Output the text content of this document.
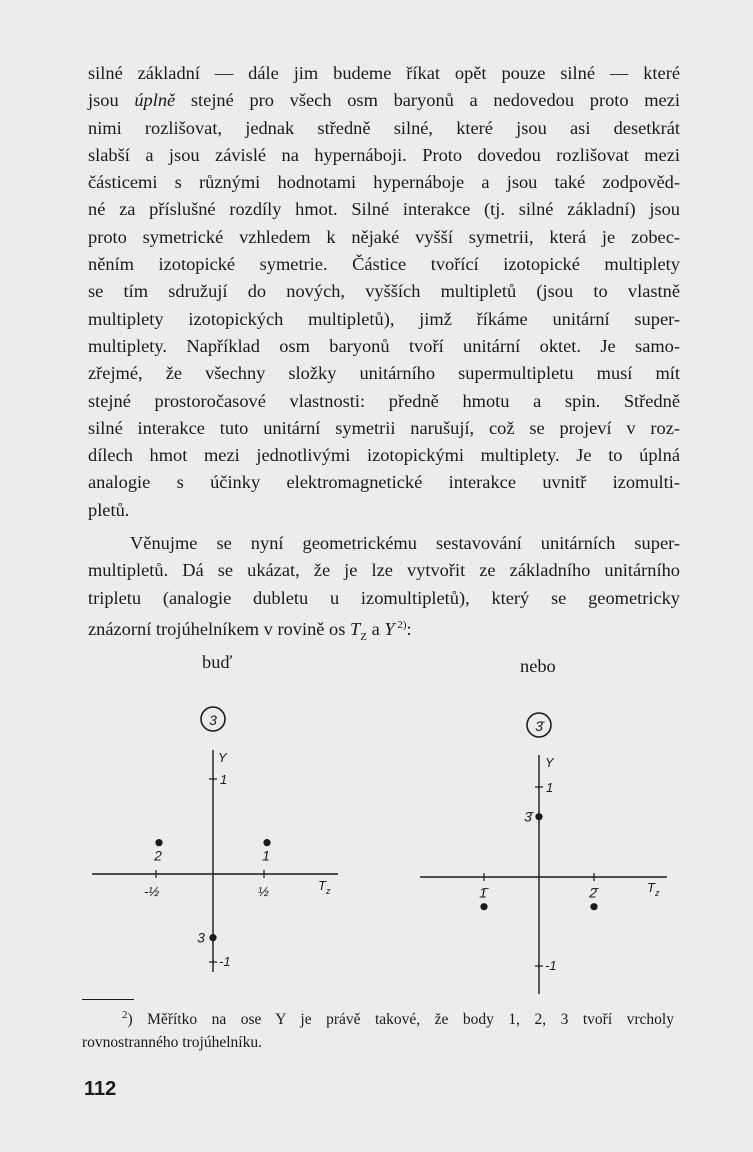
silné základní — dále jim budeme říkat opět pouze silné — které
jsou úplně stejné pro všech osm baryonů a nedovedou proto mezi
nimi rozlišovat, jednak středně silné, které jsou asi desetkrát
slabší a jsou závislé na hypernáboji. Proto dovedou rozlišovat mezi
částicemi s různými hodnotami hypernáboje a jsou také zodpověd-
né za příslušné rozdíly hmot. Silné interakce (tj. silné základní) jsou
proto symetrické vzhledem k nějaké vyšší symetrii, která je zobec-
něním izotopické symetrie. Částice tvořící izotopické multiplety
se tím sdružují do nových, vyšších multipletů (jsou to vlastně
multiplety izotopických multipletů), jimž říkáme unitární super-
multiplety. Například osm baryonů tvoří unitární oktet. Je samo-
zřejmé, že všechny složky unitárního supermultipletu musí mít
stejné prostoročasové vlastnosti: předně hmotu a spin. Středně
silné interakce tuto unitární symetrii narušují, což se projeví v roz-
dílech hmot mezi jednotlivými izotopickými multiplety. Je to úplná
analogie s účinky elektromagnetické interakce uvnitř izomulti-
pletů.
Věnujme se nyní geometrickému sestavování unitárních super-
multipletů. Dá se ukázat, že je lze vytvořit ze základního unitárního
tripletu (analogie dubletu u izomultipletů), který se geometricky
znázorní trojúhelníkem v rovině os $T_Z$ a Y $^{2)}$:
buď	nebo
3
Y
T z
1
-1
-½	½
2	1
3
3̄
Y
T z
1
-1
3̄
1̄	2̄
$^2$) Měřítko na ose Y je právě takové, že body 1, 2, 3 tvoří vrcholy
rovnostranného trojúhelníku.
112
